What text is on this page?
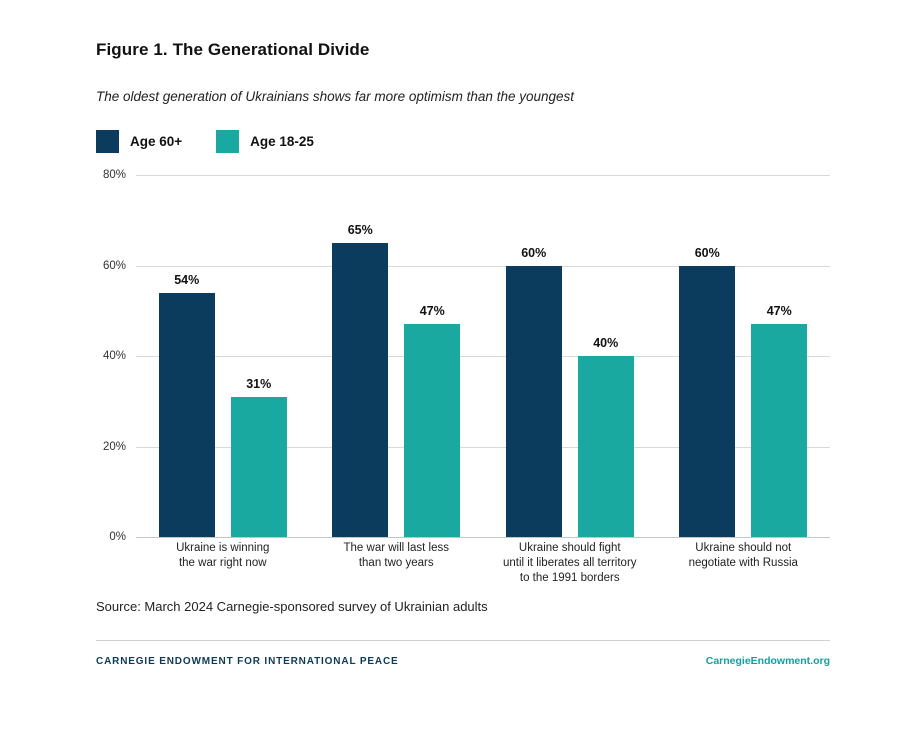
Figure 1. The Generational Divide
The oldest generation of Ukrainians shows far more optimism than the youngest
Age 60+	Age 18-25
80%
60%
40%
20%
0%
54%
31%
65%
47%
60%
40%
60%
47%
Ukraine is winning
the war right now
The war will last less
than two years
Ukraine should fight
until it liberates all territory
to the 1991 borders
Ukraine should not
negotiate with Russia
Source: March 2024 Carnegie-sponsored survey of Ukrainian adults
CARNEGIE ENDOWMENT FOR INTERNATIONAL PEACE	CarnegieEndowment.org
